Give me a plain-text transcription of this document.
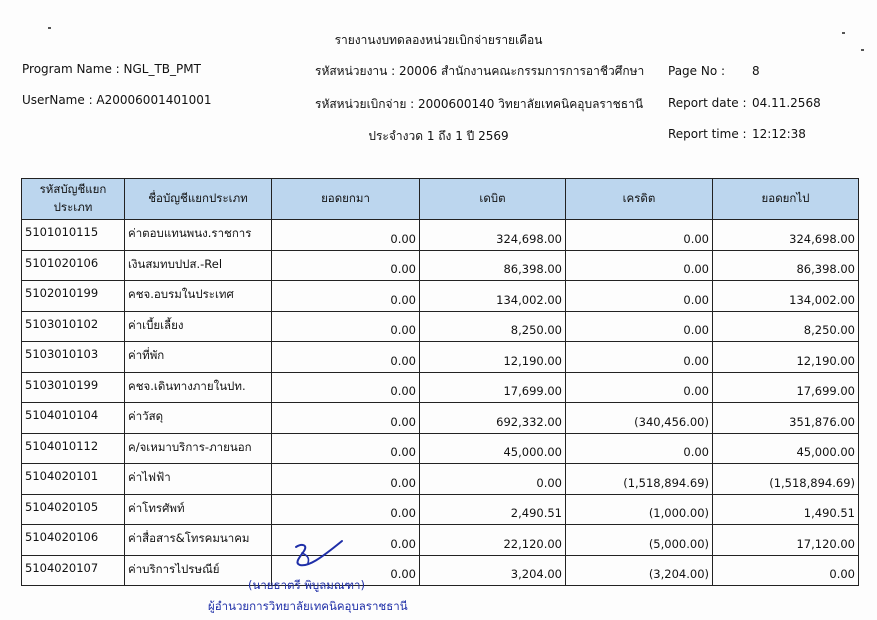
รายงานงบทดลองหน่วยเบิกจ่ายรายเดือน
Program Name : NGL_TB_PMT
UserName : A20006001401001
รหัสหน่วยงาน : 20006 สำนักงานคณะกรรมการการอาชีวศึกษา
รหัสหน่วยเบิกจ่าย : 2000600140 วิทยาลัยเทคนิคอุบลราชธานี
ประจำงวด 1 ถึง 1 ปี 2569
Page No : 8
Report date : 04.11.2568
Report time : 12:12:38
รหัสบัญชีแยกประเภท	ชื่อบัญชีแยกประเภท	ยอดยกมา	เดบิต	เครดิต	ยอดยกไป
5101010115	ค่าตอบแทนพนง.ราชการ	0.00	324,698.00	0.00	324,698.00
5101020106	เงินสมทบปปส.-Rel	0.00	86,398.00	0.00	86,398.00
5102010199	คชจ.อบรมในประเทศ	0.00	134,002.00	0.00	134,002.00
5103010102	ค่าเบี้ยเลี้ยง	0.00	8,250.00	0.00	8,250.00
5103010103	ค่าที่พัก	0.00	12,190.00	0.00	12,190.00
5103010199	คชจ.เดินทางภายในปท.	0.00	17,699.00	0.00	17,699.00
5104010104	ค่าวัสดุ	0.00	692,332.00	(340,456.00)	351,876.00
5104010112	ค/จเหมาบริการ-ภายนอก	0.00	45,000.00	0.00	45,000.00
5104020101	ค่าไฟฟ้า	0.00	0.00	(1,518,894.69)	(1,518,894.69)
5104020105	ค่าโทรศัพท์	0.00	2,490.51	(1,000.00)	1,490.51
5104020106	ค่าสื่อสาร&โทรคมนาคม	0.00	22,120.00	(5,000.00)	17,120.00
5104020107	ค่าบริการไปรษณีย์	0.00	3,204.00	(3,204.00)	0.00
(นายธาตรี พิบูลมณฑา)
ผู้อำนวยการวิทยาลัยเทคนิคอุบลราชธานี
